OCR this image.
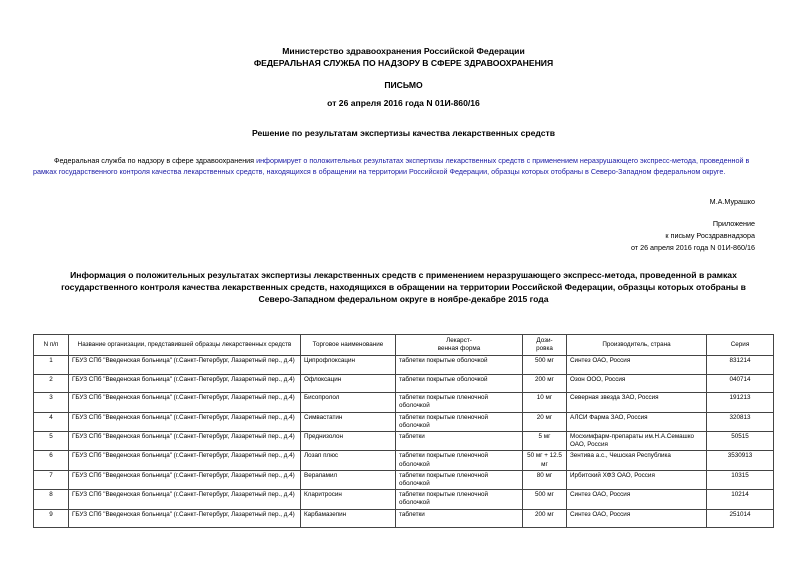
Министерство здравоохранения Российской Федерации
ФЕДЕРАЛЬНАЯ СЛУЖБА ПО НАДЗОРУ В СФЕРЕ ЗДРАВООХРАНЕНИЯ
ПИСЬМО
от 26 апреля 2016 года N 01И-860/16
Решение по результатам экспертизы качества лекарственных средств
Федеральная служба по надзору в сфере здравоохранения информирует о положительных результатах экспертизы лекарственных средств с применением неразрушающего экспресс-метода, проведенной в
рамках государственного контроля качества лекарственных средств, находящихся в обращении на территории Российской Федерации, образцы которых отобраны в Северо-Западном федеральном округе.
М.А.Мурашко
Приложение
к письму Росздравнадзора
от 26 апреля 2016 года N 01И-860/16
Информация о положительных результатах экспертизы лекарственных средств с применением неразрушающего экспресс-метода, проведенной в рамках
государственного контроля качества лекарственных средств, находящихся в обращении на территории Российской Федерации, образцы которых отобраны в
Северо-Западном федеральном округе в ноябре-декабре 2015 года
N п/п	Название организации, представившей образцы лекарственных средств	Торговое наименование	Лекарст-
венная форма	Дози-
ровка	Производитель, страна	Серия
1	ГБУЗ СПб "Введенская больница" (г.Санкт-Петербург, Лазаретный пер., д.4)	Ципрофлоксацин	таблетки покрытые оболочкой	500 мг	Синтез ОАО, Россия	831214
2	ГБУЗ СПб "Введенская больница" (г.Санкт-Петербург, Лазаретный пер., д.4)	Офлоксацин	таблетки покрытые оболочкой	200 мг	Озон ООО, Россия	040714
3	ГБУЗ СПб "Введенская больница" (г.Санкт-Петербург, Лазаретный пер., д.4)	Бисопролол	таблетки покрытые пленочной оболочкой	10 мг	Северная звезда ЗАО, Россия	191213
4	ГБУЗ СПб "Введенская больница" (г.Санкт-Петербург, Лазаретный пер., д.4)	Симвастатин	таблетки покрытые пленочной оболочкой	20 мг	АЛСИ Фарма ЗАО, Россия	320813
5	ГБУЗ СПб "Введенская больница" (г.Санкт-Петербург, Лазаретный пер., д.4)	Преднизолон	таблетки	5 мг	Мосхимфарм-препараты им.Н.А.Семашко ОАО, Россия	50515
6	ГБУЗ СПб "Введенская больница" (г.Санкт-Петербург, Лазаретный пер., д.4)	Лозап плюс	таблетки покрытые пленочной оболочкой	50 мг + 12.5 мг	Зентива а.с., Чешская Республика	3530913
7	ГБУЗ СПб "Введенская больница" (г.Санкт-Петербург, Лазаретный пер., д.4)	Верапамил	таблетки покрытые пленочной оболочкой	80 мг	Ирбитский ХФЗ ОАО, Россия	10315
8	ГБУЗ СПб "Введенская больница" (г.Санкт-Петербург, Лазаретный пер., д.4)	Кларитросин	таблетки покрытые пленочной оболочкой	500 мг	Синтез ОАО, Россия	10214
9	ГБУЗ СПб "Введенская больница" (г.Санкт-Петербург, Лазаретный пер., д.4)	Карбамазепин	таблетки	200 мг	Синтез ОАО, Россия	251014
